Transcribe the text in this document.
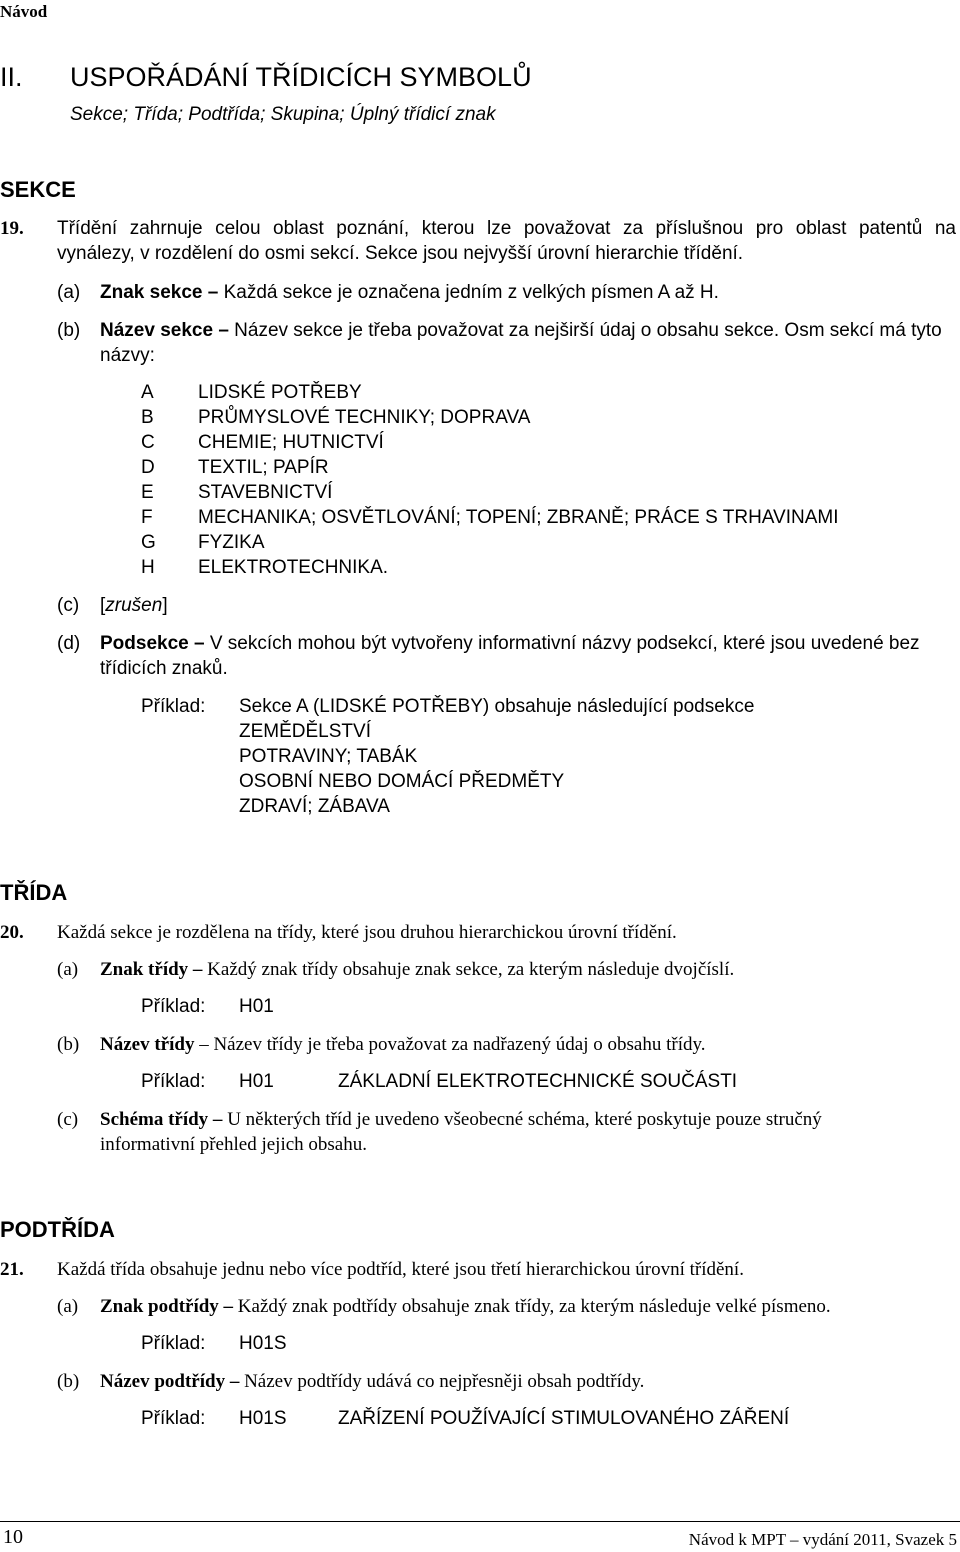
Návod
II. USPOŘÁDÁNÍ TŘÍDICÍCH SYMBOLŮ
Sekce; Třída; Podtřída; Skupina; Úplný třídicí znak
SEKCE
19. Třídění zahrnuje celou oblast poznání, kterou lze považovat za příslušnou pro oblast patentů na
vynálezy, v rozdělení do osmi sekcí. Sekce jsou nejvyšší úrovní hierarchie třídění.
(a) Znak sekce – Každá sekce je označena jedním z velkých písmen A až H.
(b) Název sekce – Název sekce je třeba považovat za nejširší údaj o obsahu sekce. Osm sekcí má tyto
názvy:
A LIDSKÉ POTŘEBY
B PRŮMYSLOVÉ TECHNIKY; DOPRAVA
C CHEMIE; HUTNICTVÍ
D TEXTIL; PAPÍR
E STAVEBNICTVÍ
F MECHANIKA; OSVĚTLOVÁNÍ; TOPENÍ; ZBRANĚ; PRÁCE S TRHAVINAMI
G FYZIKA
H ELEKTROTECHNIKA.
(c) [zrušen]
(d) Podsekce – V sekcích mohou být vytvořeny informativní názvy podsekcí, které jsou uvedené bez
třídicích znaků.
Příklad: Sekce A (LIDSKÉ POTŘEBY) obsahuje následující podsekce
ZEMĚDĚLSTVÍ
POTRAVINY; TABÁK
OSOBNÍ NEBO DOMÁCÍ PŘEDMĚTY
ZDRAVÍ; ZÁBAVA
TŘÍDA
20. Každá sekce je rozdělena na třídy, které jsou druhou hierarchickou úrovní třídění.
(a) Znak třídy – Každý znak třídy obsahuje znak sekce, za kterým následuje dvojčíslí.
Příklad: H01
(b) Název třídy – Název třídy je třeba považovat za nadřazený údaj o obsahu třídy.
Příklad: H01	ZÁKLADNÍ ELEKTROTECHNICKÉ SOUČÁSTI
(c) Schéma třídy – U některých tříd je uvedeno všeobecné schéma, které poskytuje pouze stručný
informativní přehled jejich obsahu.
PODTŘÍDA
21. Každá třída obsahuje jednu nebo více podtříd, které jsou třetí hierarchickou úrovní třídění.
(a) Znak podtřídy – Každý znak podtřídy obsahuje znak třídy, za kterým následuje velké písmeno.
Příklad: H01S
(b) Název podtřídy – Název podtřídy udává co nejpřesněji obsah podtřídy.
Příklad: H01S	ZAŘÍZENÍ POUŽÍVAJÍCÍ STIMULOVANÉHO ZÁŘENÍ
10	Návod k MPT – vydání 2011, Svazek 5
